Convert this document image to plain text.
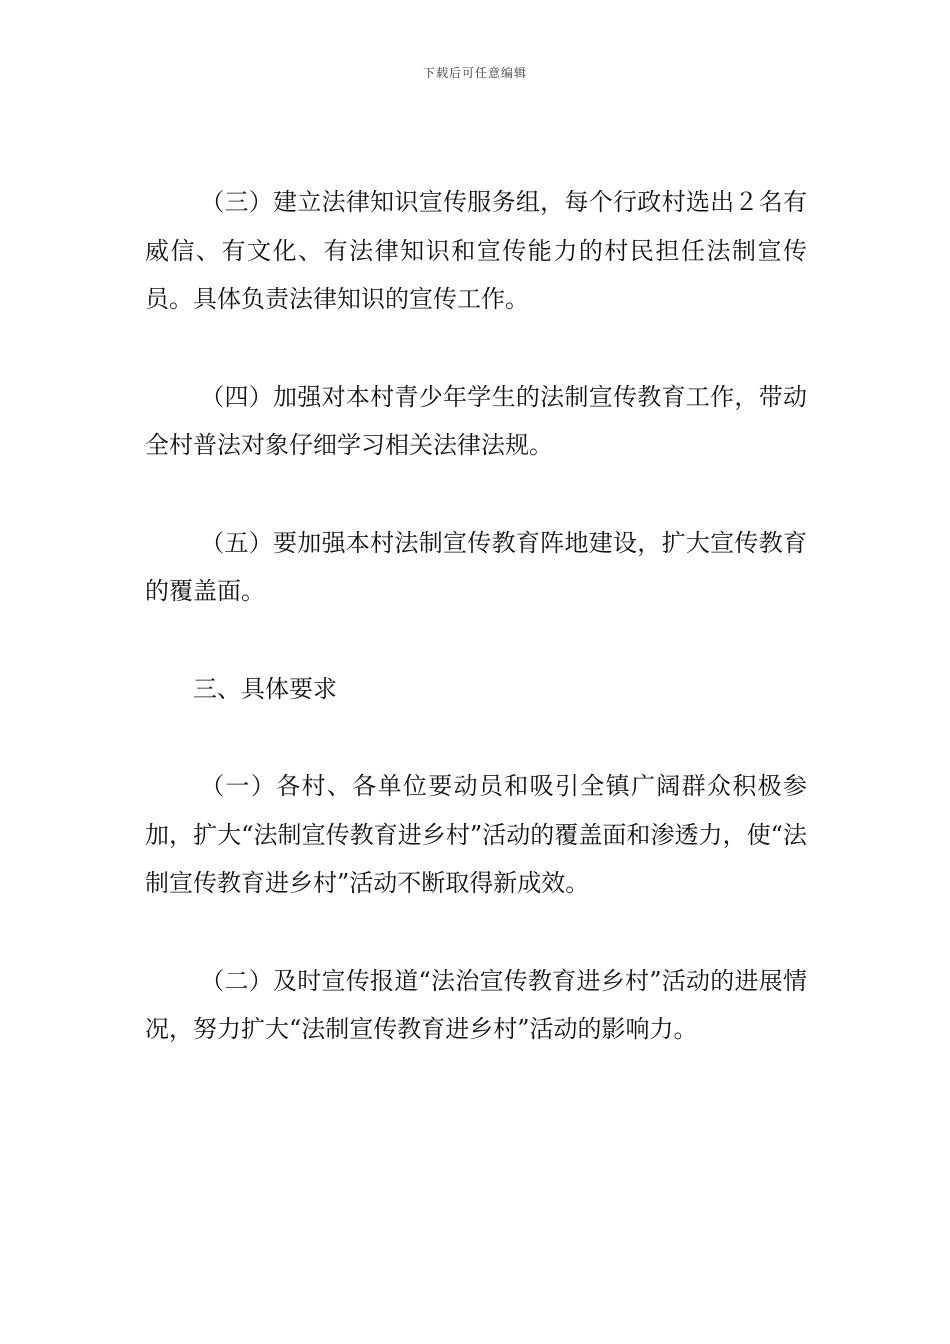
下载后可任意编辑

（三）建立法律知识宣传服务组，每个行政村选出２名有威信、有文化、有法律知识和宣传能力的村民担任法制宣传员。具体负责法律知识的宣传工作。

（四）加强对本村青少年学生的法制宣传教育工作，带动全村普法对象仔细学习相关法律法规。

（五）要加强本村法制宣传教育阵地建设，扩大宣传教育的覆盖面。

三、具体要求

（一）各村、各单位要动员和吸引全镇广阔群众积极参加，扩大“法制宣传教育进乡村”活动的覆盖面和渗透力，使“法制宣传教育进乡村”活动不断取得新成效。

（二）及时宣传报道“法治宣传教育进乡村”活动的进展情况，努力扩大“法制宣传教育进乡村”活动的影响力。
